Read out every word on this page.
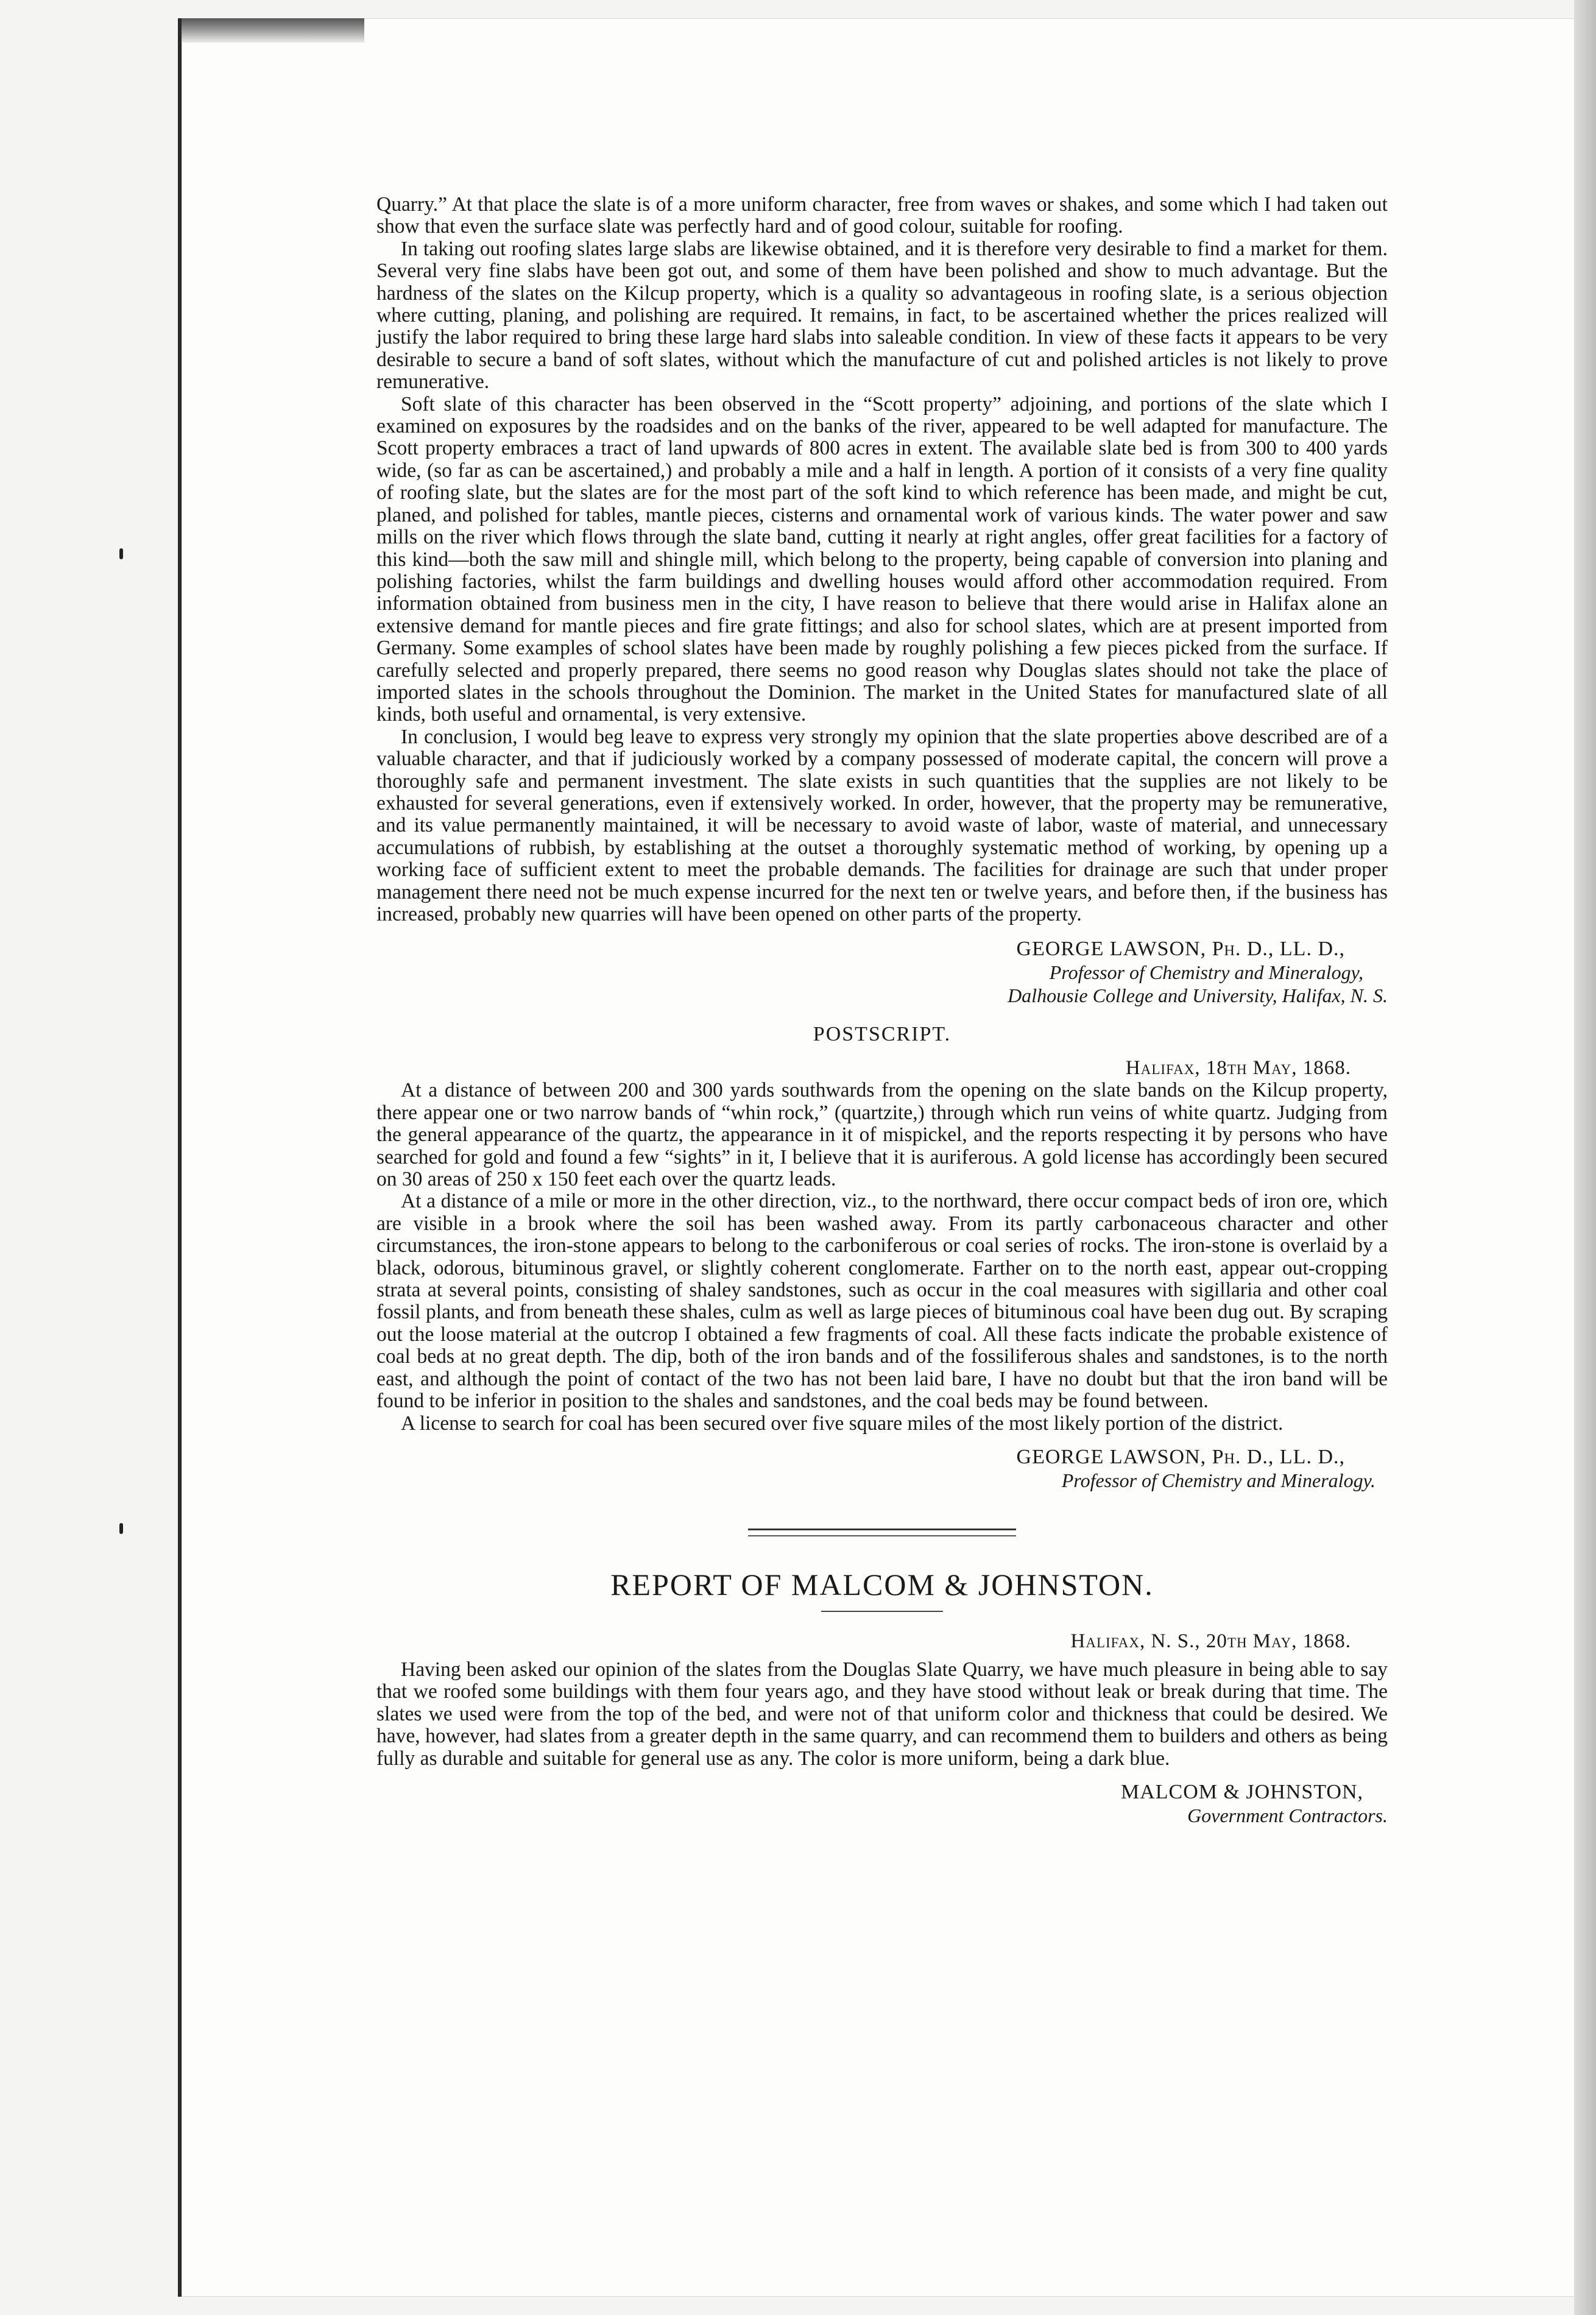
Quarry.” At that place the slate is of a more uniform character, free from waves or shakes, and some which I had taken out show that even the surface slate was perfectly hard and of good colour, suitable for roofing.

In taking out roofing slates large slabs are likewise obtained, and it is therefore very desirable to find a market for them. Several very fine slabs have been got out, and some of them have been polished and show to much advantage. But the hardness of the slates on the Kilcup property, which is a quality so advantageous in roofing slate, is a serious objection where cutting, planing, and polishing are required. It remains, in fact, to be ascertained whether the prices realized will justify the labor required to bring these large hard slabs into saleable condition. In view of these facts it appears to be very desirable to secure a band of soft slates, without which the manufacture of cut and polished articles is not likely to prove remunerative.

Soft slate of this character has been observed in the “Scott property” adjoining, and portions of the slate which I examined on exposures by the roadsides and on the banks of the river, appeared to be well adapted for manufacture. The Scott property embraces a tract of land upwards of 800 acres in extent. The available slate bed is from 300 to 400 yards wide, (so far as can be ascertained,) and probably a mile and a half in length. A portion of it consists of a very fine quality of roofing slate, but the slates are for the most part of the soft kind to which reference has been made, and might be cut, planed, and polished for tables, mantle pieces, cisterns and ornamental work of various kinds. The water power and saw mills on the river which flows through the slate band, cutting it nearly at right angles, offer great facilities for a factory of this kind—both the saw mill and shingle mill, which belong to the property, being capable of conversion into planing and polishing factories, whilst the farm buildings and dwelling houses would afford other accommodation required. From information obtained from business men in the city, I have reason to believe that there would arise in Halifax alone an extensive demand for mantle pieces and fire grate fittings; and also for school slates, which are at present imported from Germany. Some examples of school slates have been made by roughly polishing a few pieces picked from the surface. If carefully selected and properly prepared, there seems no good reason why Douglas slates should not take the place of imported slates in the schools throughout the Dominion. The market in the United States for manufactured slate of all kinds, both useful and ornamental, is very extensive.

In conclusion, I would beg leave to express very strongly my opinion that the slate properties above described are of a valuable character, and that if judiciously worked by a company possessed of moderate capital, the concern will prove a thoroughly safe and permanent investment. The slate exists in such quantities that the supplies are not likely to be exhausted for several generations, even if extensively worked. In order, however, that the property may be remunerative, and its value permanently maintained, it will be necessary to avoid waste of labor, waste of material, and unnecessary accumulations of rubbish, by establishing at the outset a thoroughly systematic method of working, by opening up a working face of sufficient extent to meet the probable demands. The facilities for drainage are such that under proper management there need not be much expense incurred for the next ten or twelve years, and before then, if the business has increased, probably new quarries will have been opened on other parts of the property.

GEORGE LAWSON, Ph. D., LL. D.,

Professor of Chemistry and Mineralogy,

Dalhousie College and University, Halifax, N. S.

POSTSCRIPT.

Halifax, 18th May, 1868.

At a distance of between 200 and 300 yards southwards from the opening on the slate bands on the Kilcup property, there appear one or two narrow bands of “whin rock,” (quartzite,) through which run veins of white quartz. Judging from the general appearance of the quartz, the appearance in it of mispickel, and the reports respecting it by persons who have searched for gold and found a few “sights” in it, I believe that it is auriferous. A gold license has accordingly been secured on 30 areas of 250 x 150 feet each over the quartz leads.

At a distance of a mile or more in the other direction, viz., to the northward, there occur compact beds of iron ore, which are visible in a brook where the soil has been washed away. From its partly carbonaceous character and other circumstances, the iron-stone appears to belong to the carboniferous or coal series of rocks. The iron-stone is overlaid by a black, odorous, bituminous gravel, or slightly coherent conglomerate. Farther on to the north east, appear out-cropping strata at several points, consisting of shaley sandstones, such as occur in the coal measures with sigillaria and other coal fossil plants, and from beneath these shales, culm as well as large pieces of bituminous coal have been dug out. By scraping out the loose material at the outcrop I obtained a few fragments of coal. All these facts indicate the probable existence of coal beds at no great depth. The dip, both of the iron bands and of the fossiliferous shales and sandstones, is to the north east, and although the point of contact of the two has not been laid bare, I have no doubt but that the iron band will be found to be inferior in position to the shales and sandstones, and the coal beds may be found between.

A license to search for coal has been secured over five square miles of the most likely portion of the district.

GEORGE LAWSON, Ph. D., LL. D.,

Professor of Chemistry and Mineralogy.

REPORT OF MALCOM & JOHNSTON.

Halifax, N. S., 20th May, 1868.

Having been asked our opinion of the slates from the Douglas Slate Quarry, we have much pleasure in being able to say that we roofed some buildings with them four years ago, and they have stood without leak or break during that time. The slates we used were from the top of the bed, and were not of that uniform color and thickness that could be desired. We have, however, had slates from a greater depth in the same quarry, and can recommend them to builders and others as being fully as durable and suitable for general use as any. The color is more uniform, being a dark blue.

MALCOM & JOHNSTON,

Government Contractors.
